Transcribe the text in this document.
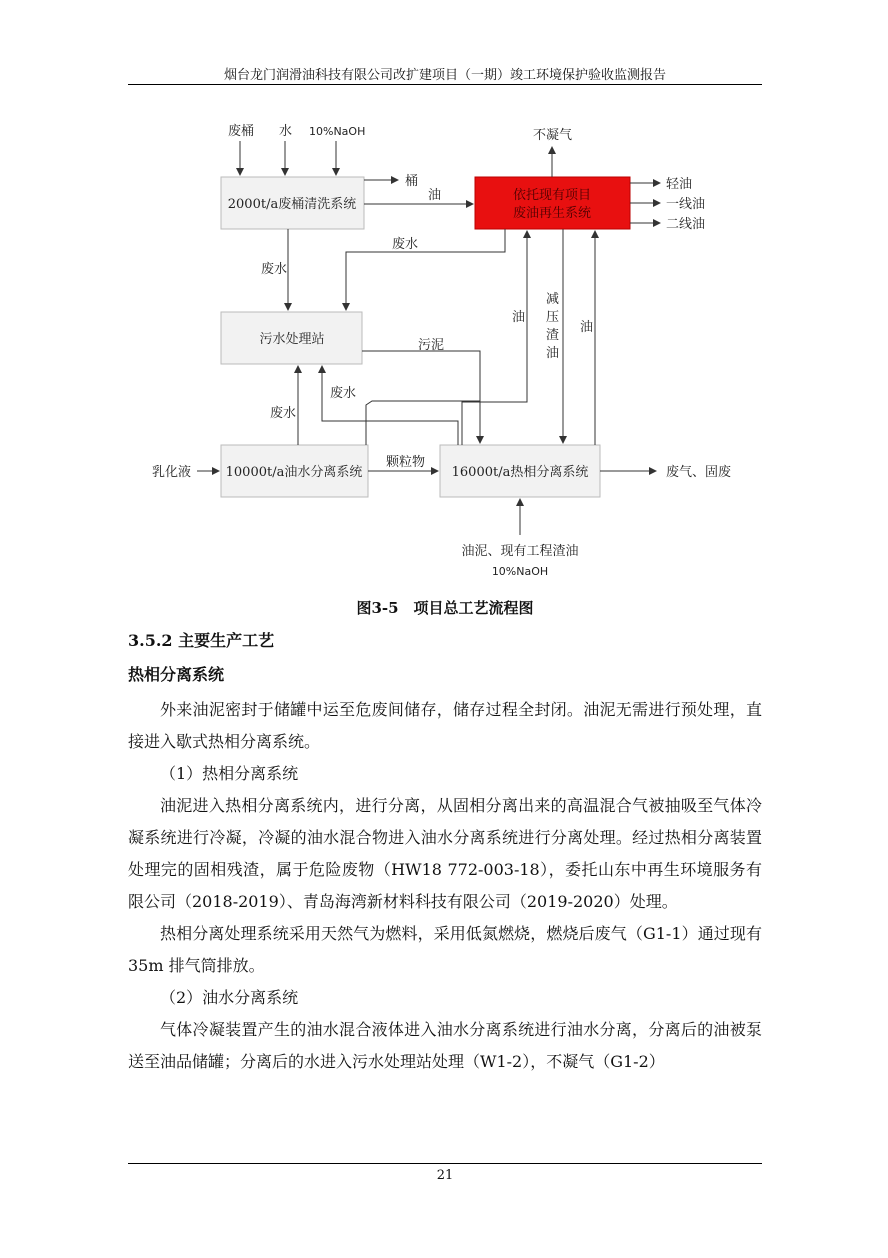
烟台龙门润滑油科技有限公司改扩建项目（一期）竣工环境保护验收监测报告
废桶 水 10%NaOH
2000t/a废桶清洗系统
依托现有项目
废油再生系统
污水处理站
10000t/a油水分离系统	16000t/a热相分离系统
桶
油
不凝气
轻油
一线油
二线油
废水
废水
油
减
压
渣
油
油
污泥
废水
废水
乳化液
颗粒物
废气、固废
油泥、现有工程渣油
10%NaOH
图3-5　项目总工艺流程图
3.5.2 主要生产工艺
热相分离系统

外来油泥密封于储罐中运至危废间储存，储存过程全封闭。油泥无需进行预处理，直接进入歇式热相分离系统。

（1）热相分离系统

油泥进入热相分离系统内，进行分离，从固相分离出来的高温混合气被抽吸至气体冷凝系统进行冷凝，冷凝的油水混合物进入油水分离系统进行分离处理。经过热相分离装置处理完的固相残渣，属于危险废物（HW18 772-003-18），委托山东中再生环境服务有限公司（2018-2019）、青岛海湾新材料科技有限公司（2019-2020）处理。

热相分离处理系统采用天然气为燃料，采用低氮燃烧，燃烧后废气（G1-1）通过现有 35m 排气筒排放。

（2）油水分离系统

气体冷凝装置产生的油水混合液体进入油水分离系统进行油水分离，分离后的油被泵送至油品储罐；分离后的水进入污水处理站处理（W1-2），不凝气（G1-2）

21
